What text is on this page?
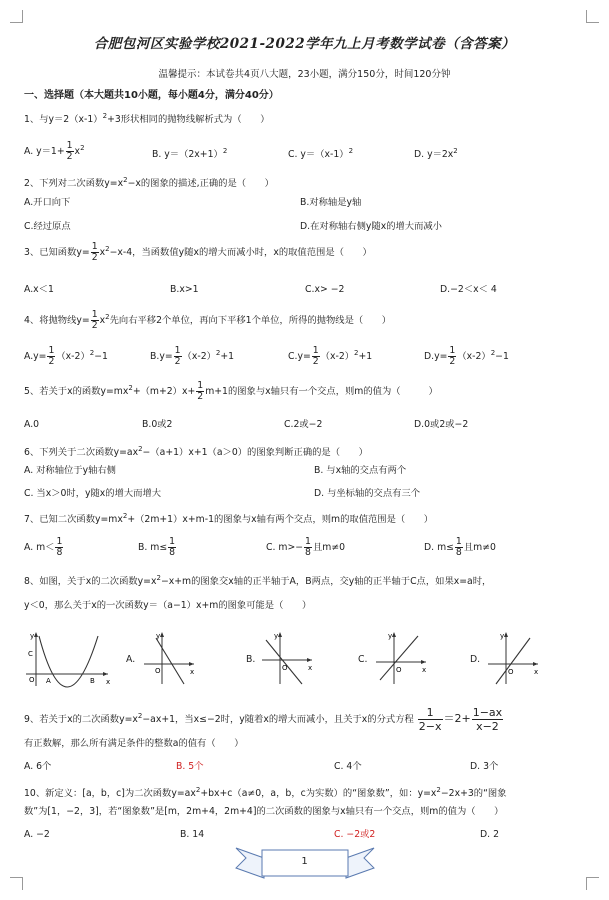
合肥包河区实验学校2021-2022学年九上月考数学试卷（含答案）
温馨提示：本试卷共4页八大题，23小题，满分150分，时间120分钟
一、选择题（本大题共10小题，每小题4分，满分40分）
1、与$y=2(x-1)^2+3$形状相同的抛物线解析式为（　　）
A. $y=1+ \frac{1}{2} x^2$
B. $y=(2x+1)^2$	C. $y=(x-1)^2$	D. $y=2x^2$
2、下列对二次函数$y=x^2-x$的图象的描述,正确的是（　　）
A.开口向下	B.对称轴是y轴
C.经过原点	D.在对称轴右侧y随x的增大而减小
3、已知函数$y= \frac{1}{2} x^2-x-4$，当函数值y随x的增大而减小时，x的取值范围是（　　）
A.x＜1	B.x>1	C.x> −2	D.−2＜x＜ 4
4、将抛物线$y= \frac{1}{2} x^2$先向右平移2个单位，再向下平移1个单位，所得的抛物线是（　　）
$A.y= \frac{1}{2} (x-2)^2-1$	$B.y= \frac{1}{2} (x-2)^2+1$	$C.y= \frac{1}{2} (x-2)^2+1$	$D.y= \frac{1}{2} (x-2)^2-1$
5、若关于x的函数$y=mx^2+(m+2)x+ \frac{1}{2} m+1$的图象与x轴只有一个交点，则m的值为（　　　）
A.0	B.0或2	C.2或−2	D.0或2或−2
6、下列关于二次函数$y=ax^2-(a+1)x+1(a>0)$的图象判断正确的是（　　）
A. 对称轴位于y轴右侧	B. 与x轴的交点有两个
C. 当x＞0时，y随x的增大而增大	D. 与坐标轴的交点有三个
7、已知二次函数$y=mx^2+(2m+1)x+m-1$的图象与x轴有两个交点，则m的取值范围是（　　）
A. $m< \frac{1}{8}$	B. $m\le \frac{1}{8}$	C. $m>- \frac{1}{8}$ 且m≠0	D. $m\le \frac{1}{8}$ 且m≠0
8、如图，关于x的二次函数$y=x^2-x+m$的图象交x轴的正半轴于A，B两点，交y轴的正半轴于C点，如果x=a时，
y＜0，那么关于x的一次函数y＝（a−1）x+m的图象可能是（　　）
y
x
O
C
A	B
A.
y
x
O
B.
y
x
O
C.
y
x
O
D.
y
x
O
9、若关于x的二次函数$y=x^2-ax+1$，当x≤−2时，y随着x的增大而减小，且关于x的分式方程 $\frac{1}{2-x} =2+ \frac{1-ax}{x-2}$
有正数解，那么所有满足条件的整数a的值有（　　）
A. 6个	B. 5个	C. 4个	D. 3个
10、新定义：[a，b，c]为二次函数$y=ax^2+bx+c(a\ne 0$，a，b，c为实数）的“图象数”，如：$y=x^2-2x+3$的“图象
数”为[1，−2，3]，若“图象数”是[m，2m+4，2m+4]的二次函数的图象与x轴只有一个交点，则m的值为（　　）
A. −2	B. 14	C. −2或2	D. 2
1
